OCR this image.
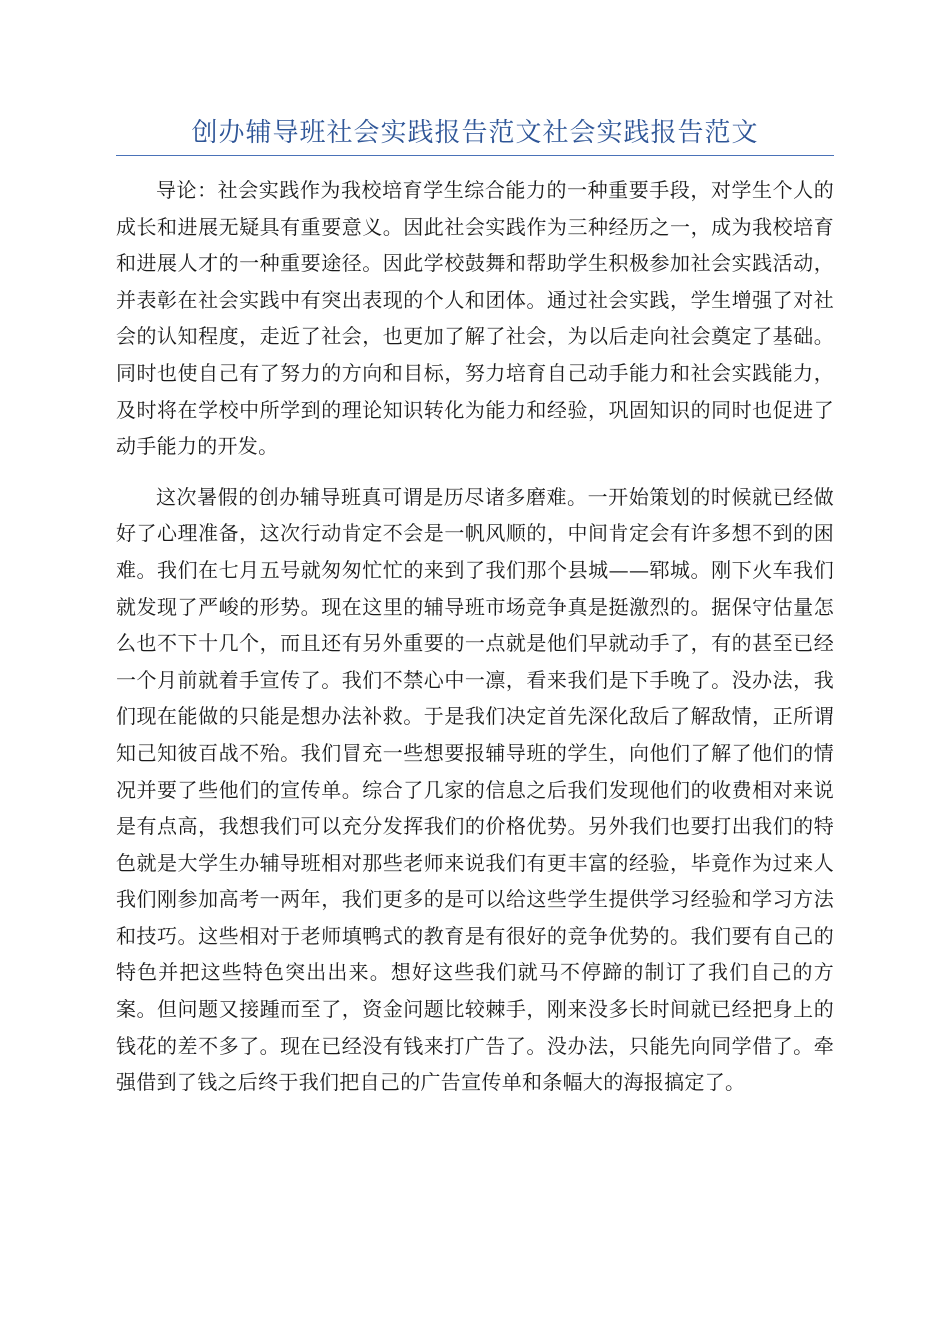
创办辅导班社会实践报告范文社会实践报告范文

导论：社会实践作为我校培育学生综合能力的一种重要手段，对学生个人的成长和进展无疑具有重要意义。因此社会实践作为三种经历之一，成为我校培育和进展人才的一种重要途径。因此学校鼓舞和帮助学生积极参加社会实践活动，并表彰在社会实践中有突出表现的个人和团体。通过社会实践，学生增强了对社会的认知程度，走近了社会，也更加了解了社会，为以后走向社会奠定了基础。同时也使自己有了努力的方向和目标，努力培育自己动手能力和社会实践能力，及时将在学校中所学到的理论知识转化为能力和经验，巩固知识的同时也促进了动手能力的开发。

这次暑假的创办辅导班真可谓是历尽诸多磨难。一开始策划的时候就已经做好了心理准备，这次行动肯定不会是一帆风顺的，中间肯定会有许多想不到的困难。我们在七月五号就匆匆忙忙的来到了我们那个县城——郓城。刚下火车我们就发现了严峻的形势。现在这里的辅导班市场竞争真是挺激烈的。据保守估量怎么也不下十几个，而且还有另外重要的一点就是他们早就动手了，有的甚至已经一个月前就着手宣传了。我们不禁心中一凛，看来我们是下手晚了。没办法，我们现在能做的只能是想办法补救。于是我们决定首先深化敌后了解敌情，正所谓知己知彼百战不殆。我们冒充一些想要报辅导班的学生，向他们了解了他们的情况并要了些他们的宣传单。综合了几家的信息之后我们发现他们的收费相对来说是有点高，我想我们可以充分发挥我们的价格优势。另外我们也要打出我们的特色就是大学生办辅导班相对那些老师来说我们有更丰富的经验，毕竟作为过来人我们刚参加高考一两年，我们更多的是可以给这些学生提供学习经验和学习方法和技巧。这些相对于老师填鸭式的教育是有很好的竞争优势的。我们要有自己的特色并把这些特色突出出来。想好这些我们就马不停蹄的制订了我们自己的方案。但问题又接踵而至了，资金问题比较棘手，刚来没多长时间就已经把身上的钱花的差不多了。现在已经没有钱来打广告了。没办法，只能先向同学借了。牵强借到了钱之后终于我们把自己的广告宣传单和条幅大的海报搞定了。
